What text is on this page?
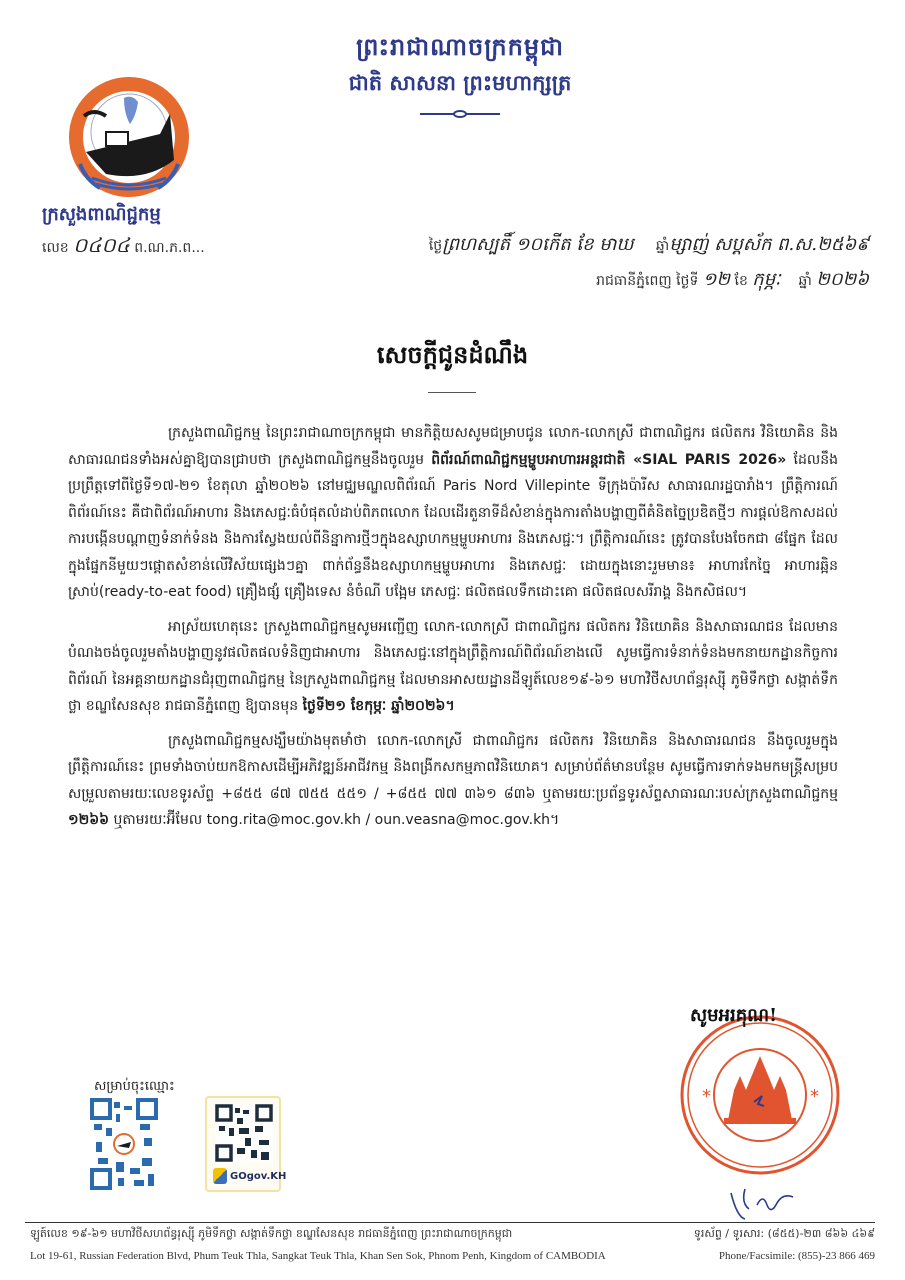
ព្រះរាជាណាចក្រកម្ពុជា
ជាតិ សាសនា ព្រះមហាក្សត្រ
ក្រសួងពាណិជ្ជកម្ម
លេខ ០៤០៤ ព.ណ.ភ.ព...	ថ្ងៃព្រហស្បតិ៍ ១០កើត ខែ មាឃ ឆ្នាំម្សាញ់ សប្តស័ក ព.ស.២៥៦៩
រាជធានីភ្នំពេញ ថ្ងៃទី ១២ ខែ កុម្ភៈ ឆ្នាំ ២០២៦
សេចក្តីជូនដំណឹង

ក្រសួងពាណិជ្ជកម្ម នៃព្រះរាជាណាចក្រកម្ពុជា មានកិត្តិយសសូមជម្រាបជូន លោក-លោកស្រី ជាពាណិជ្ជករ ផលិតករ វិនិយោគិន និងសាធារណជនទាំងអស់គ្នាឱ្យបានជ្រាបថា ក្រសួងពាណិជ្ជកម្មនឹងចូលរួម ពិព័រណ៍ពាណិជ្ជកម្មម្ហូបអាហារអន្តរជាតិ «SIAL PARIS 2026» ដែលនឹងប្រព្រឹត្តទៅពីថ្ងៃទី១៧-២១ ខែតុលា ឆ្នាំ២០២៦ នៅមជ្ឈមណ្ឌលពិព័រណ៍ Paris Nord Villepinte ទីក្រុងប៉ារីស សាធារណរដ្ឋបារាំង។ ព្រឹត្តិការណ៍ពិព័រណ៍នេះ គឺជាពិព័រណ៍អាហារ និងភេសជ្ជៈធំបំផុតលំដាប់ពិភពលោក ដែលដើរតួនាទីដ៏សំខាន់ក្នុងការតាំងបង្ហាញពីគំនិតច្នៃប្រឌិតថ្មីៗ ការផ្តល់ឱកាសដល់ការបង្កើនបណ្តាញទំនាក់ទំនង និងការស្វែងយល់ពីនិន្នាការថ្មីៗក្នុងឧស្សាហកម្មម្ហូបអាហារ និងភេសជ្ជៈ។ ព្រឹត្តិការណ៍នេះ ត្រូវបានបែងចែកជា ៨ផ្នែក ដែលក្នុងផ្នែកនីមួយៗផ្តោតសំខាន់លើវិស័យផ្សេងៗគ្នា ពាក់ព័ន្ធនឹងឧស្សាហកម្មម្ហូបអាហារ និងភេសជ្ជៈ ដោយក្នុងនោះរួមមាន៖ អាហារកែច្នៃ អាហារឆ្អិនស្រាប់(ready-to-eat food) គ្រឿងផ្សំ គ្រឿងទេស នំចំណី បង្អែម ភេសជ្ជៈ ផលិតផលទឹកដោះគោ ផលិតផលសរីរាង្គ និងកសិផល។

អាស្រ័យហេតុនេះ ក្រសួងពាណិជ្ជកម្មសូមអញ្ជើញ លោក-លោកស្រី ជាពាណិជ្ជករ ផលិតករ វិនិយោគិន និងសាធារណជន ដែលមានបំណងចង់ចូលរួមតាំងបង្ហាញនូវផលិតផលទំនិញជាអាហារ និងភេសជ្ជៈនៅក្នុងព្រឹត្តិការណ៍ពិព័រណ៍ខាងលើ សូមធ្វើការទំនាក់ទំនងមកនាយកដ្ឋានកិច្ចការពិព័រណ៍ នៃអគ្គនាយកដ្ឋានជំរុញពាណិជ្ជកម្ម នៃក្រសួងពាណិជ្ជកម្ម ដែលមានអាសយដ្ឋានដីឡូត៍លេខ១៩-៦១ មហាវិថីសហព័ន្ធរុស្ស៊ី ភូមិទឹកថ្លា សង្កាត់ទឹកថ្លា ខណ្ឌសែនសុខ រាជធានីភ្នំពេញ ឱ្យបានមុន ថ្ងៃទី២១ ខែកុម្ភៈ ឆ្នាំ២០២៦។

ក្រសួងពាណិជ្ជកម្មសង្ឃឹមយ៉ាងមុតមាំថា លោក-លោកស្រី ជាពាណិជ្ជករ ផលិតករ វិនិយោគិន និងសាធារណជន នឹងចូលរួមក្នុងព្រឹត្តិការណ៍នេះ ព្រមទាំងចាប់យកឱកាសដើម្បីអភិវឌ្ឍន៍អាជីវកម្ម និងពង្រីកសកម្មភាពវិនិយោគ។ សម្រាប់ព័ត៌មានបន្ថែម សូមធ្វើការទាក់ទងមកមន្ត្រីសម្របសម្រួលតាមរយៈលេខទូរស័ព្ទ +៨៥៥ ៨៧ ៧៥៥ ៥៥១ / +៨៥៥ ៧៧ ៣៦១ ៨៣៦ ឬតាមរយៈប្រព័ន្ធទូរស័ព្ទសាធារណៈរបស់ក្រសួងពាណិជ្ជកម្ម ១២៦៦ ឬតាមរយៈអ៊ីមែល tong.rita@moc.gov.kh / oun.veasna@moc.gov.kh។

*	*
សូមអរគុណ!
សម្រាប់ចុះឈ្មោះ
GOgov.KH
ឡូត៍លេខ ១៩-៦១ មហាវិថីសហព័ន្ធរុស្ស៊ី ភូមិទឹកថ្លា សង្កាត់ទឹកថ្លា ខណ្ឌសែនសុខ រាជធានីភ្នំពេញ ព្រះរាជាណាចក្រកម្ពុជា	ទូរស័ព្ទ / ទូរសារ: (៨៥៥)-២៣ ៨៦៦ ៤៦៩
Lot 19-61, Russian Federation Blvd, Phum Teuk Thla, Sangkat Teuk Thla, Khan Sen Sok, Phnom Penh, Kingdom of CAMBODIA	Phone/Facsimile: (855)-23 866 469
